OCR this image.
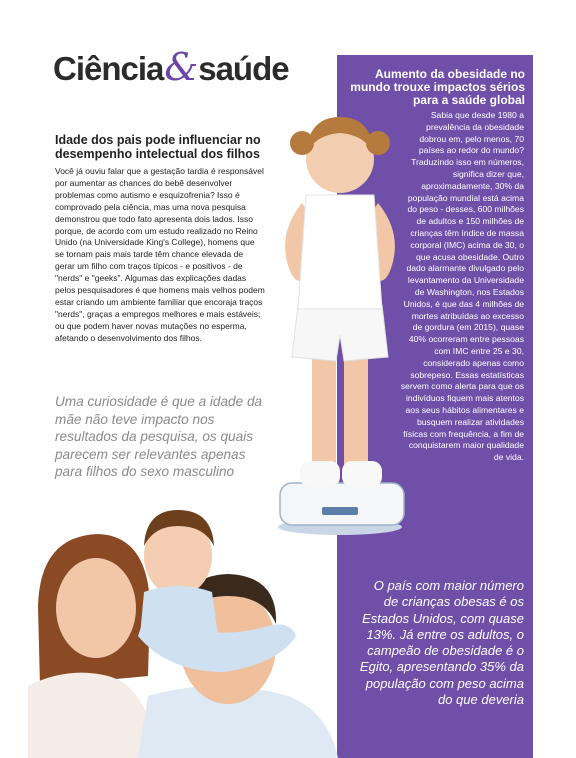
Ciência&saúde
Idade dos pais pode influenciar no desempenho intelectual dos filhos
Você já ouviu falar que a gestação tardia é responsável por aumentar as chances do bebê desenvolver problemas como autismo e esquizofrenia? Isso é comprovado pela ciência, mas uma nova pesquisa demonstrou que todo fato apresenta dois lados. Isso porque, de acordo com um estudo realizado no Reino Unido (na Universidade King's College), homens que se tornam pais mais tarde têm chance elevada de gerar um filho com traços típicos - e positivos - de "nerds" e "geeks". Algumas das explicações dadas pelos pesquisadores é que homens mais velhos podem estar criando um ambiente familiar que encoraja traços "nerds", graças a empregos melhores e mais estáveis; ou que podem haver novas mutações no esperma, afetando o desenvolvimento dos filhos.
Uma curiosidade é que a idade da mãe não teve impacto nos resultados da pesquisa, os quais parecem ser relevantes apenas para filhos do sexo masculino
Aumento da obesidade no mundo trouxe impactos sérios para a saúde global
Sabia que desde 1980 a prevalência da obesidade dobrou em, pelo menos, 70 países ao redor do mundo? Traduzindo isso em números, significa dizer que, aproximadamente, 30% da população mundial está acima do peso - desses, 600 milhões de adultos e 150 milhões de crianças têm índice de massa corporal (IMC) acima de 30, o que acusa obesidade. Outro dado alarmante divulgado pelo levantamento da Universidade de Washington, nos Estados Unidos, é que das 4 milhões de mortes atribuídas ao excesso de gordura (em 2015), quase 40% ocorreram entre pessoas com IMC entre 25 e 30, considerado apenas como sobrepeso. Essas estatísticas servem como alerta para que os indivíduos fiquem mais atentos aos seus hábitos alimentares e busquem realizar atividades físicas com frequência, a fim de conquistarem maior qualidade de vida.
O país com maior número de crianças obesas é os Estados Unidos, com quase 13%. Já entre os adultos, o campeão de obesidade é o Egito, apresentando 35% da população com peso acima do que deveria
